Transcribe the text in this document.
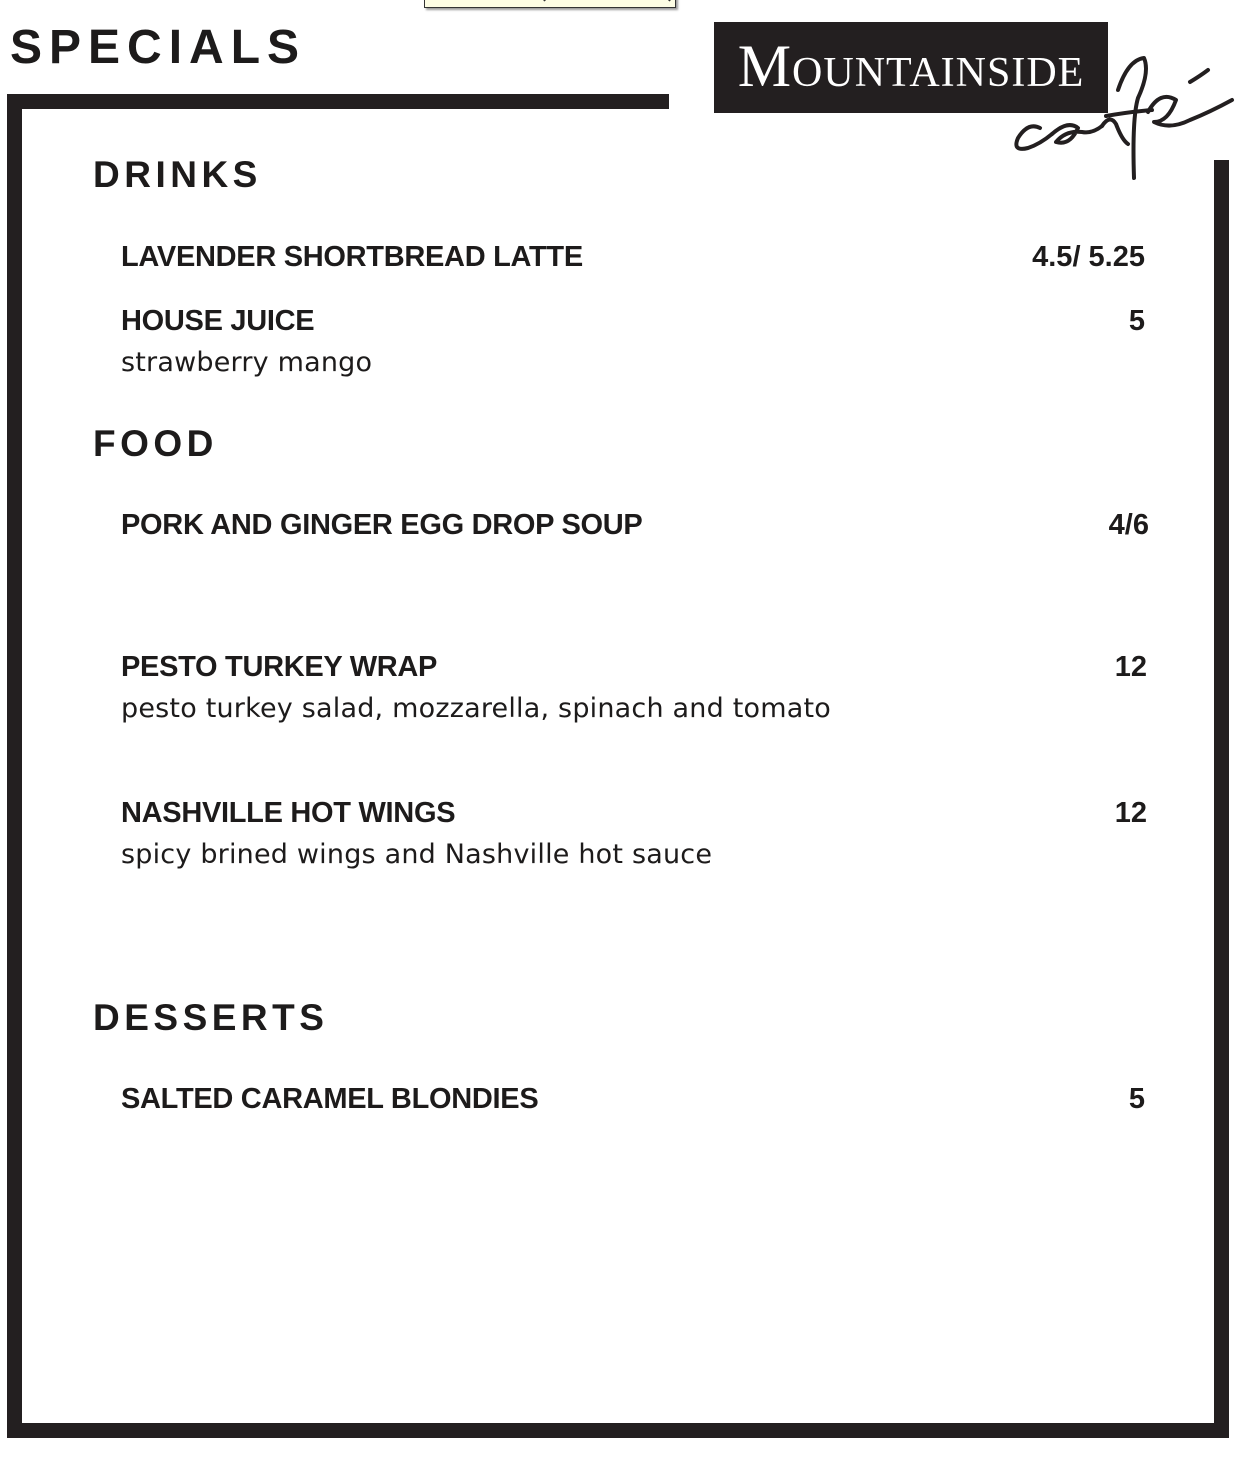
SPECIALS	Mountainside
DRINKS
LAVENDER SHORTBREAD LATTE	4.5/ 5.25
HOUSE JUICE	5
strawberry mango
FOOD
PORK AND GINGER EGG DROP SOUP	4/6
PESTO TURKEY WRAP	12
pesto turkey salad, mozzarella, spinach and tomato
NASHVILLE HOT WINGS	12
spicy brined wings and Nashville hot sauce
DESSERTS
SALTED CARAMEL BLONDIES	5
